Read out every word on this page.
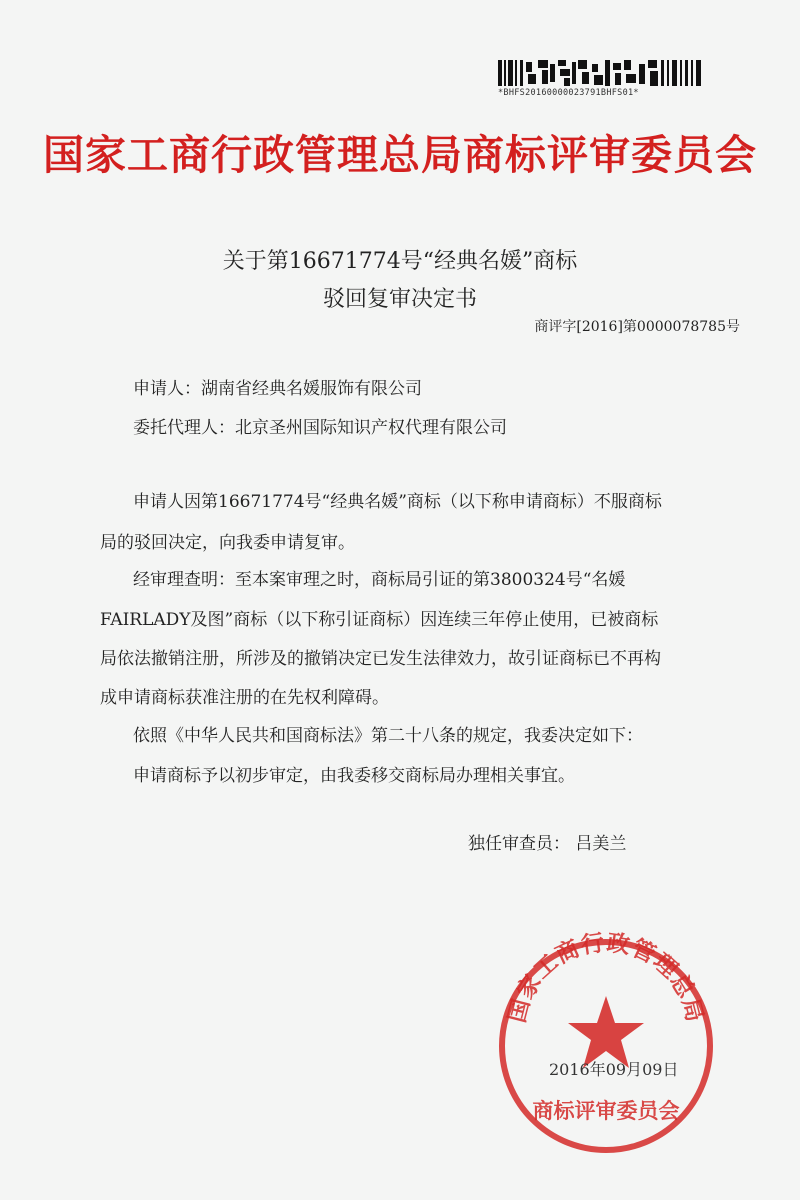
*BHFS20160000023791BHFS01*
国家工商行政管理总局商标评审委员会
关于第16671774号“经典名媛”商标
驳回复审决定书
商评字[2016]第0000078785号
申请人：湖南省经典名媛服饰有限公司
委托代理人：北京圣州国际知识产权代理有限公司
申请人因第16671774号“经典名媛”商标（以下称申请商标）不服商标
局的驳回决定，向我委申请复审。
经审理查明：至本案审理之时，商标局引证的第3800324号“名媛
FAIRLADY及图”商标（以下称引证商标）因连续三年停止使用，已被商标
局依法撤销注册，所涉及的撤销决定已发生法律效力，故引证商标已不再构
成申请商标获准注册的在先权利障碍。
依照《中华人民共和国商标法》第二十八条的规定，我委决定如下：
申请商标予以初步审定，由我委移交商标局办理相关事宜。
独任审查员： 吕美兰
国家工商行政管理总局
商标评审委员会
2016年09月09日
